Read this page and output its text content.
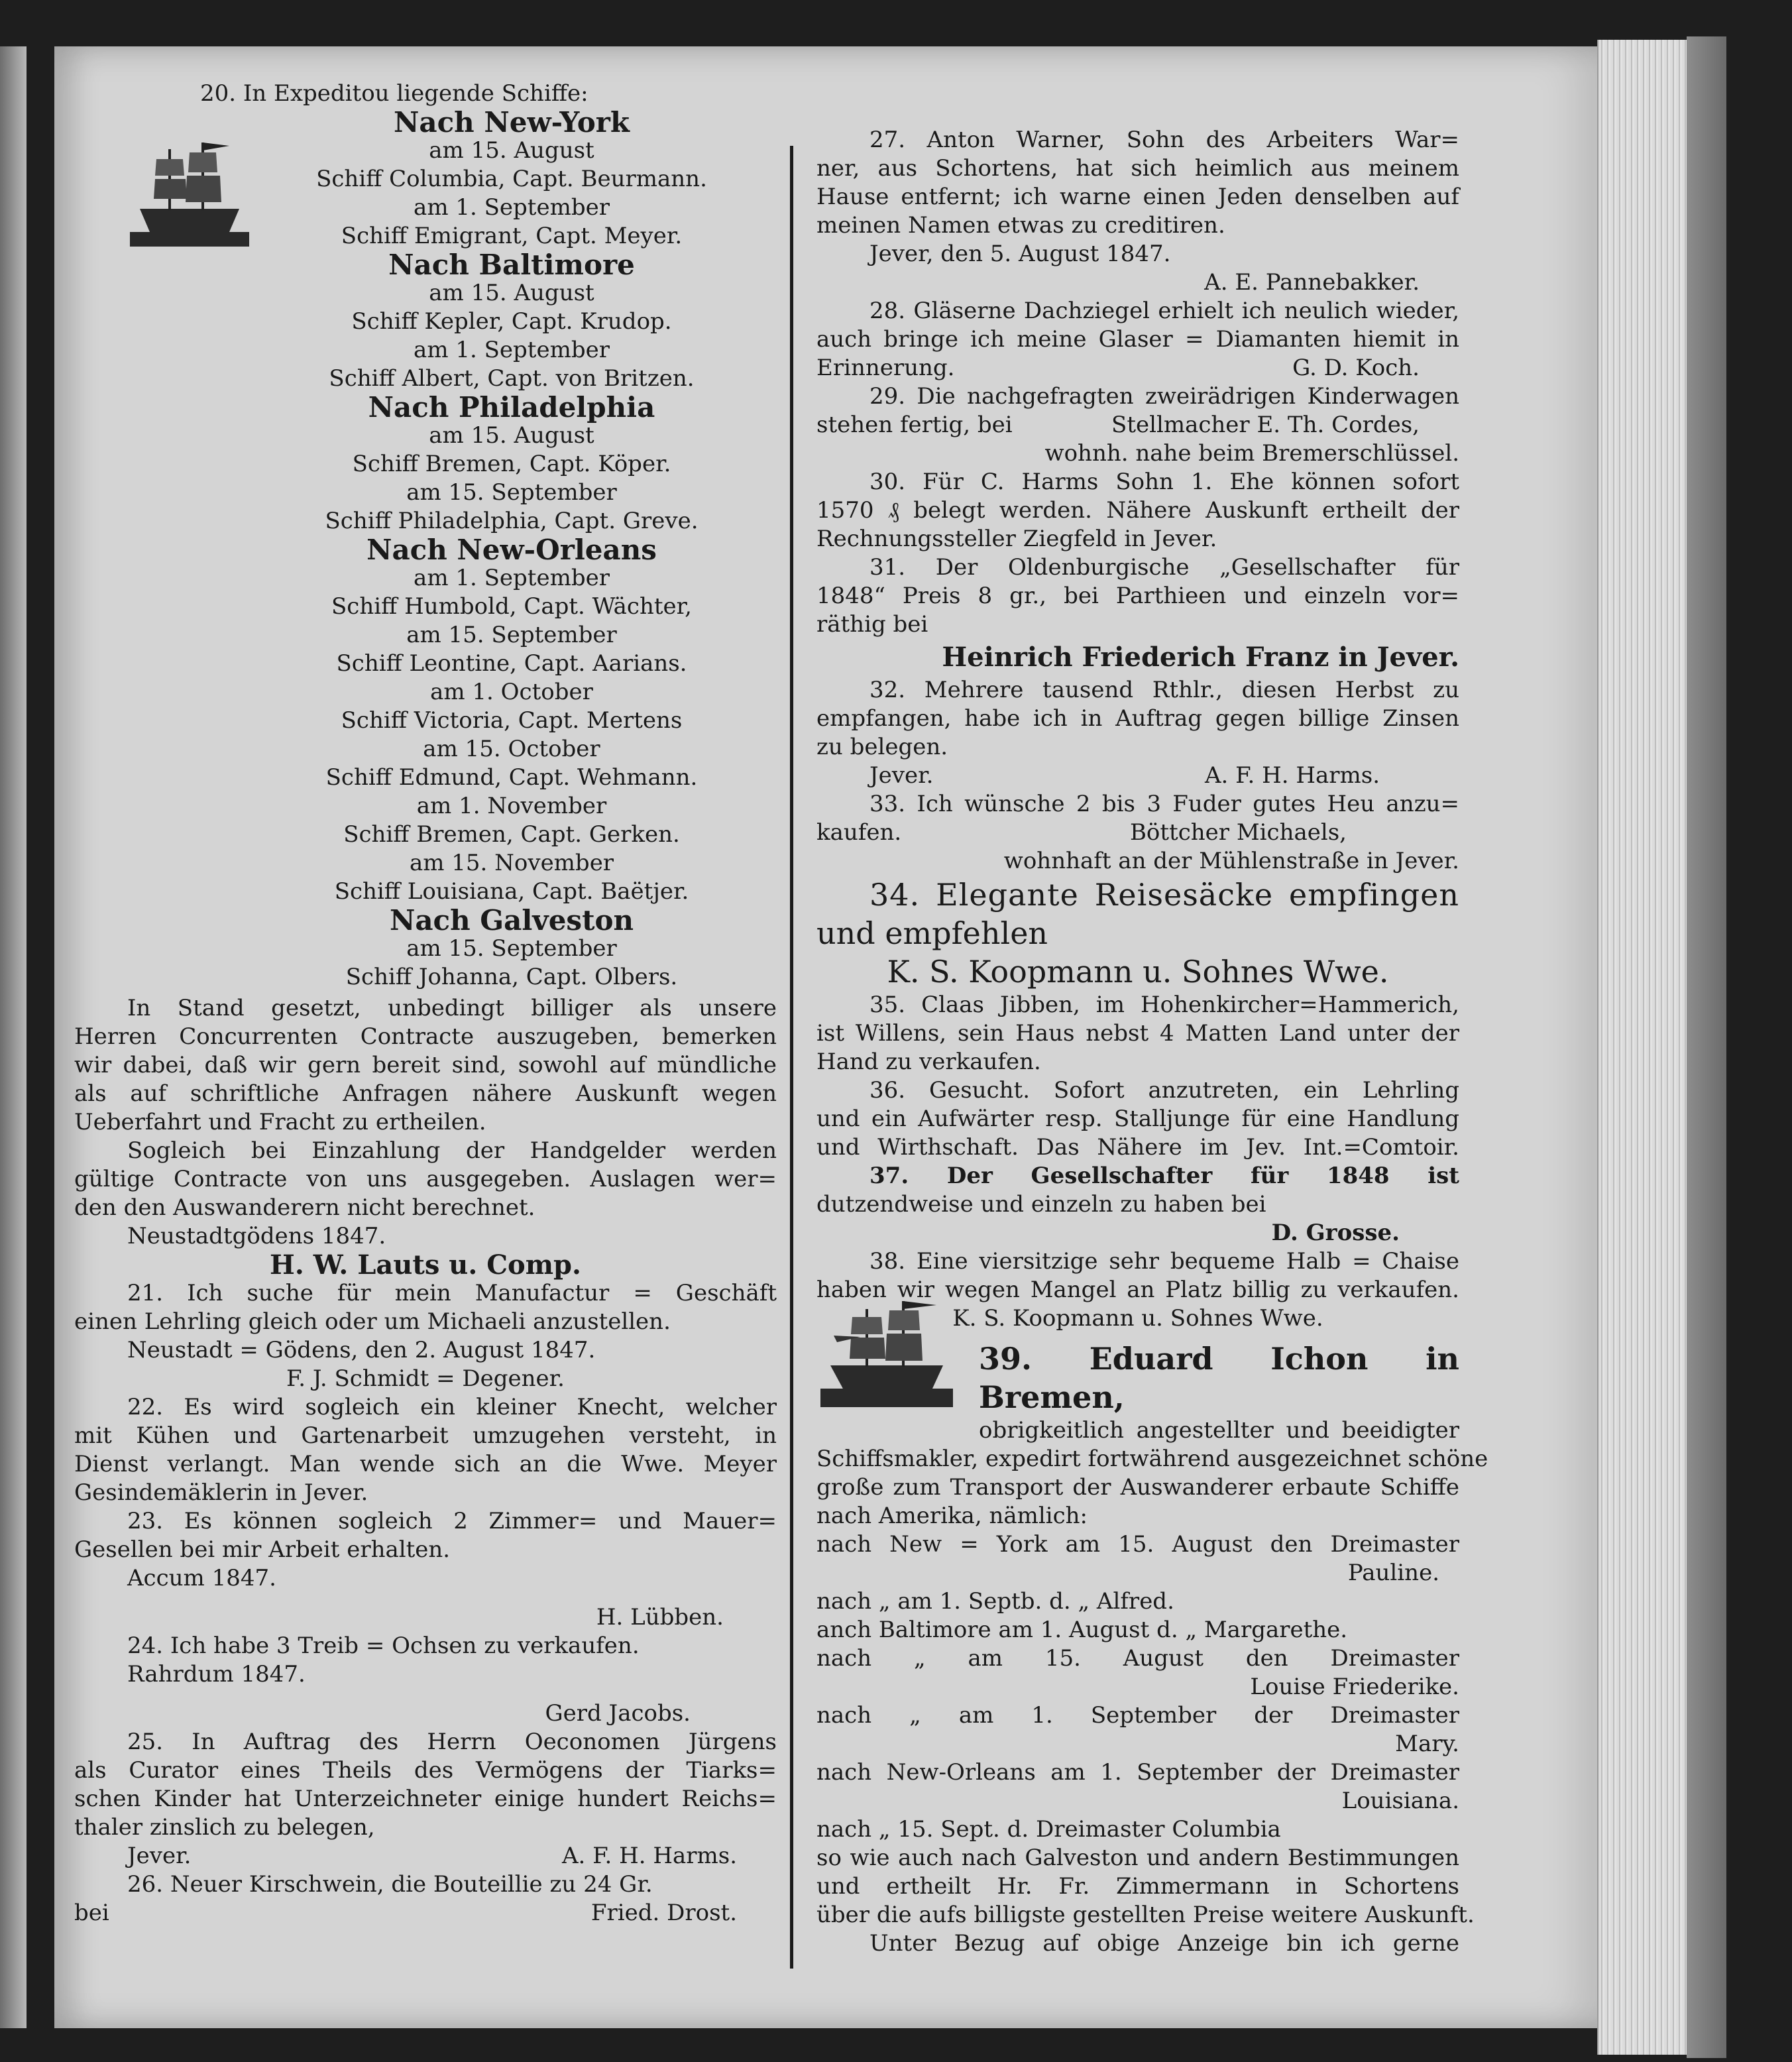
20. In Expeditou liegende Schiffe:

Nach New-York

am 15. August

Schiff Columbia, Capt. Beurmann.

am 1. September

Schiff Emigrant, Capt. Meyer.

Nach Baltimore

am 15. August

Schiff Kepler, Capt. Krudop.

am 1. September

Schiff Albert, Capt. von Britzen.

Nach Philadelphia

am 15. August

Schiff Bremen, Capt. Köper.

am 15. September

Schiff Philadelphia, Capt. Greve.

Nach New-Orleans

am 1. September

Schiff Humbold, Capt. Wächter,

am 15. September

Schiff Leontine, Capt. Aarians.

am 1. October

Schiff Victoria, Capt. Mertens

am 15. October

Schiff Edmund, Capt. Wehmann.

am 1. November

Schiff Bremen, Capt. Gerken.

am 15. November

Schiff Louisiana, Capt. Baëtjer.

Nach Galveston

am 15. September

Schiff Johanna, Capt. Olbers.

In Stand gesetzt, unbedingt billiger als unsere

Herren Concurrenten Contracte auszugeben, bemerken

wir dabei, daß wir gern bereit sind, sowohl auf mündliche

als auf schriftliche Anfragen nähere Auskunft wegen

Ueberfahrt und Fracht zu ertheilen.

Sogleich bei Einzahlung der Handgelder werden

gültige Contracte von uns ausgegeben. Auslagen wer=

den den Auswanderern nicht berechnet.

Neustadtgödens 1847.

H. W. Lauts u. Comp.

21. Ich suche für mein Manufactur = Geschäft

einen Lehrling gleich oder um Michaeli anzustellen.

Neustadt = Gödens, den 2. August 1847.

F. J. Schmidt = Degener.

22. Es wird sogleich ein kleiner Knecht, welcher

mit Kühen und Gartenarbeit umzugehen versteht, in

Dienst verlangt. Man wende sich an die Wwe. Meyer

Gesindemäklerin in Jever.

23. Es können sogleich 2 Zimmer= und Mauer=

Gesellen bei mir Arbeit erhalten.

Accum 1847.

H. Lübben.

24. Ich habe 3 Treib = Ochsen zu verkaufen.

Rahrdum 1847.

Gerd Jacobs.

25. In Auftrag des Herrn Oeconomen Jürgens

als Curator eines Theils des Vermögens der Tiarks=

schen Kinder hat Unterzeichneter einige hundert Reichs=

thaler zinslich zu belegen,

Jever.	A. F. H. Harms.

26. Neuer Kirschwein, die Bouteillie zu 24 Gr.

bei	Fried. Drost.

27. Anton Warner, Sohn des Arbeiters War=

ner, aus Schortens, hat sich heimlich aus meinem

Hause entfernt; ich warne einen Jeden denselben auf

meinen Namen etwas zu creditiren.

Jever, den 5. August 1847.

A. E. Pannebakker.

28. Gläserne Dachziegel erhielt ich neulich wieder,

auch bringe ich meine Glaser = Diamanten hiemit in

Erinnerung.	G. D. Koch.

29. Die nachgefragten zweirädrigen Kinderwagen

stehen fertig, bei	Stellmacher E. Th. Cordes,

wohnh. nahe beim Bremerschlüssel.

30. Für C. Harms Sohn 1. Ehe können sofort

1570 ₰ belegt werden. Nähere Auskunft ertheilt der

Rechnungssteller Ziegfeld in Jever.

31. Der Oldenburgische „Gesellschafter für

1848“ Preis 8 gr., bei Parthieen und einzeln vor=

räthig bei

Heinrich Friederich Franz in Jever.

32. Mehrere tausend Rthlr., diesen Herbst zu

empfangen, habe ich in Auftrag gegen billige Zinsen

zu belegen.

Jever.	A. F. H. Harms.

33. Ich wünsche 2 bis 3 Fuder gutes Heu anzu=

kaufen.	Böttcher Michaels,

wohnhaft an der Mühlenstraße in Jever.

34. Elegante Reisesäcke empfingen

und empfehlen

K. S. Koopmann u. Sohnes Wwe.

35. Claas Jibben, im Hohenkircher=Hammerich,

ist Willens, sein Haus nebst 4 Matten Land unter der

Hand zu verkaufen.

36. Gesucht. Sofort anzutreten, ein Lehrling

und ein Aufwärter resp. Stalljunge für eine Handlung

und Wirthschaft. Das Nähere im Jev. Int.=Comtoir.

37. Der Gesellschafter für 1848 ist

dutzendweise und einzeln zu haben bei

D. Grosse.

38. Eine viersitzige sehr bequeme Halb = Chaise

haben wir wegen Mangel an Platz billig zu verkaufen.

K. S. Koopmann u. Sohnes Wwe.

39. Eduard Ichon in

Bremen,

obrigkeitlich angestellter und beeidigter

Schiffsmakler, expedirt fortwährend ausgezeichnet schöne

große zum Transport der Auswanderer erbaute Schiffe

nach Amerika, nämlich:

nach New = York am 15. August den Dreimaster

Pauline.

nach „ am 1. Septb. d. „ Alfred.

anch Baltimore am 1. August d. „ Margarethe.

nach „ am 15. August den Dreimaster

Louise Friederike.

nach „ am 1. September der Dreimaster

Mary.

nach New-Orleans am 1. September der Dreimaster

Louisiana.

nach „ 15. Sept. d. Dreimaster Columbia

so wie auch nach Galveston und andern Bestimmungen

und ertheilt Hr. Fr. Zimmermann in Schortens

über die aufs billigste gestellten Preise weitere Auskunft.

Unter Bezug auf obige Anzeige bin ich gerne
